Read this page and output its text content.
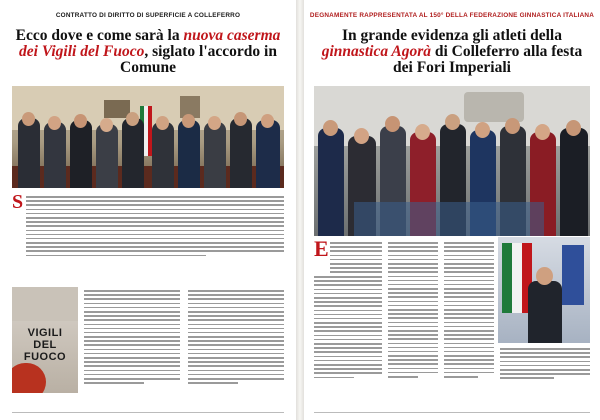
CONTRATTO DI DIRITTO DI SUPERFICIE A COLLEFERRO
Ecco dove e come sarà la nuova caserma dei Vigili del Fuoco, siglato l'accordo in Comune
S
VIGILI DEL FUOCO
DEGNAMENTE RAPPRESENTATA AL 150° DELLA FEDERAZIONE GINNASTICA ITALIANA
In grande evidenza gli atleti della ginnastica Agorà di Colleferro alla festa dei Fori Imperiali
E
